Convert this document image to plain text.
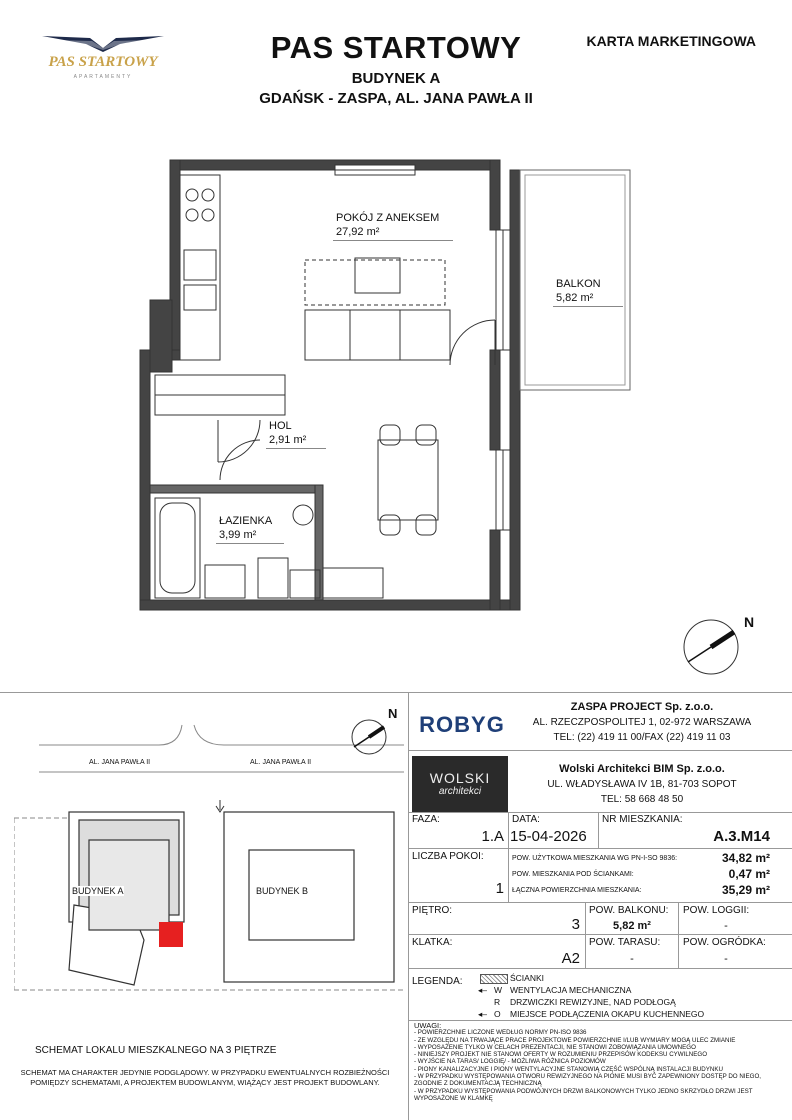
PAS STARTOWY
APARTAMENTY
PAS STARTOWY
BUDYNEK A
GDAŃSK - ZASPA, AL. JANA PAWŁA II
KARTA MARKETINGOWA
POKÓJ Z ANEKSEM
27,92 m²
BALKON
5,82 m²
HOL
2,91 m²
ŁAZIENKA
3,99 m²
N
N
AL. JANA PAWŁA II	AL. JANA PAWŁA II
BUDYNEK A	BUDYNEK B
SCHEMAT LOKALU MIESZKALNEGO NA 3 PIĘTRZE
SCHEMAT MA CHARAKTER JEDYNIE PODGLĄDOWY. W PRZYPADKU EWENTUALNYCH ROZBIEŻNOŚCI
POMIĘDZY SCHEMATAMI, A PROJEKTEM BUDOWLANYM, WIĄŻĄCY JEST PROJEKT BUDOWLANY.
ROBYG
ZASPA PROJECT Sp. z.o.o.
AL. RZECZPOSPOLITEJ 1, 02-972 WARSZAWA
TEL: (22) 419 11 00/FAX (22) 419 11 03
WOLSKI
architekci
Wolski Architekci BIM Sp. z.o.o.
UL. WŁADYSŁAWA IV 1B, 81-703 SOPOT
TEL: 58 668 48 50
FAZA:
1.A
DATA:
15-04-2026
NR MIESZKANIA:
A.3.M14
LICZBA POKOI:
1
POW. UŻYTKOWA MIESZKANIA WG PN-I-SO 9836:	34,82 m²
POW. MIESZKANIA POD ŚCIANKAMI:	0,47 m²
ŁĄCZNA POWIERZCHNIA MIESZKANIA:	35,29 m²
PIĘTRO:
3
POW. BALKONU:
5,82 m²
POW. LOGGII:
-
KLATKA:
A2
POW. TARASU:
-
POW. OGRÓDKA:
-
LEGENDA:	ŚCIANKI
◂– W WENTYLACJA MECHANICZNA
R DRZWICZKI REWIZYJNE, NAD PODŁOGĄ
◂– O MIEJSCE PODŁĄCZENIA OKAPU KUCHENNEGO
UWAGI:
- POWIERZCHNIE LICZONE WEDŁUG NORMY PN-ISO 9836
- ZE WZGLĘDU NA TRWAJĄCE PRACE PROJEKTOWE POWIERZCHNIE I/LUB WYMIARY MOGĄ ULEC ZMIANIE
- WYPOSAŻENIE TYLKO W CELACH PREZENTACJI, NIE STANOWI ZOBOWIĄZANIA UMOWNEGO
- NINIEJSZY PROJEKT NIE STANOWI OFERTY W ROZUMIENIU PRZEPISÓW KODEKSU CYWILNEGO
- WYJŚCIE NA TARAS/ LOGGIĘ/ - MOŻLIWA RÓŻNICA POZIOMÓW
- PIONY KANALIZACYJNE I PIONY WENTYLACYJNE STANOWIĄ CZĘŚĆ WSPÓLNĄ INSTALACJI BUDYNKU
- W PRZYPADKU WYSTĘPOWANIA OTWORU REWIZYJNEGO NA PIONIE MUSI BYĆ ZAPEWNIONY DOSTĘP DO NIEGO,
ZGODNIE Z DOKUMENTACJĄ TECHNICZNĄ
- W PRZYPADKU WYSTĘPOWANIA PODWÓJNYCH DRZWI BALKONOWYCH TYLKO JEDNO SKRZYDŁO DRZWI JEST
WYPOSAŻONE W KLAMKĘ
